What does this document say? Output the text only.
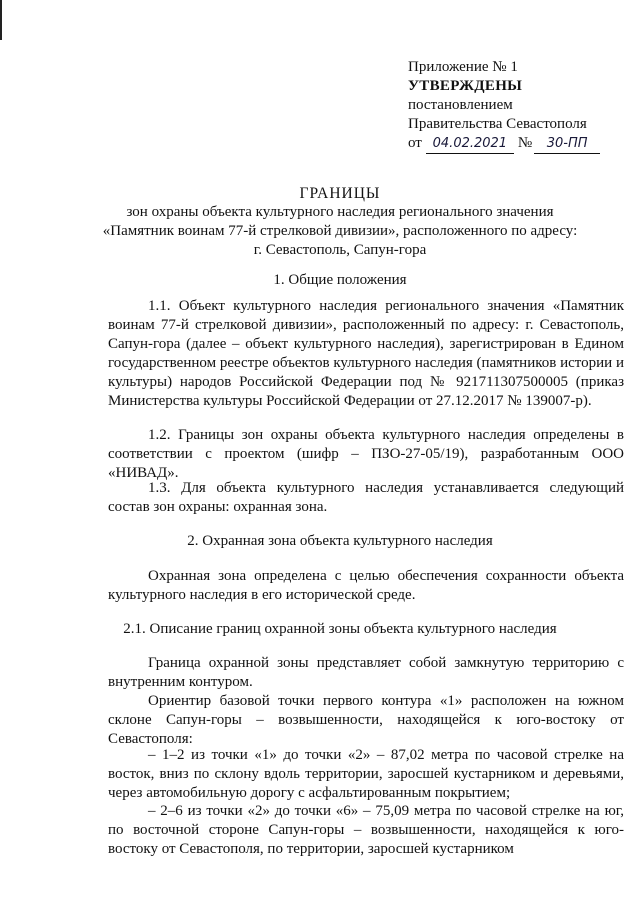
Приложение № 1
УТВЕРЖДЕНЫ
постановлением
Правительства Севастополя
от 04.02.2021 №	30-ПП
ГРАНИЦЫ
зон охраны объекта культурного наследия регионального значения
«Памятник воинам 77-й стрелковой дивизии», расположенного по адресу:
г. Севастополь, Сапун-гора
1. Общие положения

1.1. Объект культурного наследия регионального значения «Памятник воинам 77-й стрелковой дивизии», расположенный по адресу: г. Севастополь, Сапун-гора (далее – объект культурного наследия), зарегистрирован в Едином государственном реестре объектов культурного наследия (памятников истории и культуры) народов Российской Федерации под № 921711307500005 (приказ Министерства культуры Российской Федерации от 27.12.2017 № 139007-р).

1.2. Границы зон охраны объекта культурного наследия определены в соответствии с проектом (шифр – ПЗО-27-05/19), разработанным ООО «НИВАД».

1.3. Для объекта культурного наследия устанавливается следующий состав зон охраны: охранная зона.

2. Охранная зона объекта культурного наследия

Охранная зона определена с целью обеспечения сохранности объекта культурного наследия в его исторической среде.

2.1. Описание границ охранной зоны объекта культурного наследия

Граница охранной зоны представляет собой замкнутую территорию с внутренним контуром.

Ориентир базовой точки первого контура «1» расположен на южном склоне Сапун-горы – возвышенности, находящейся к юго-востоку от Севастополя:

– 1–2 из точки «1» до точки «2» – 87,02 метра по часовой стрелке на восток, вниз по склону вдоль территории, заросшей кустарником и деревьями, через автомобильную дорогу с асфальтированным покрытием;

– 2–6 из точки «2» до точки «6» – 75,09 метра по часовой стрелке на юг, по восточной стороне Сапун-горы – возвышенности, находящейся к юго-востоку от Севастополя, по территории, заросшей кустарником
